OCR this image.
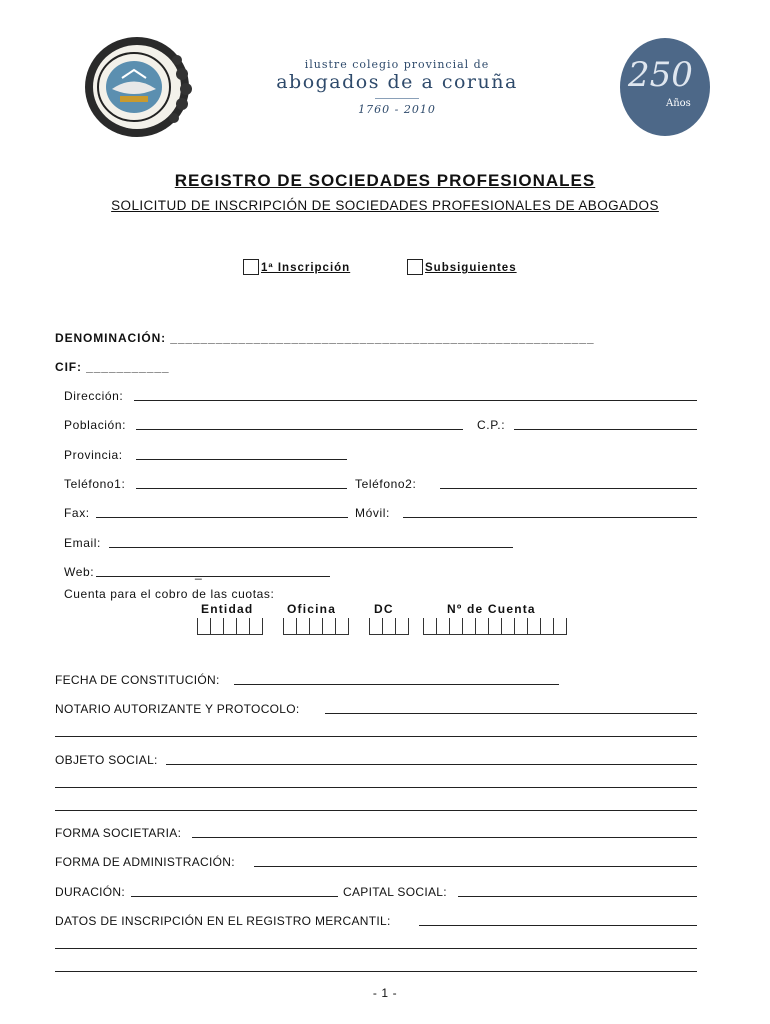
ilustre colegio provincial de
abogados de a coruña
1760 - 2010
250
Años
REGISTRO DE SOCIEDADES PROFESIONALES
SOLICITUD DE INSCRIPCIÓN DE SOCIEDADES PROFESIONALES DE ABOGADOS
1ª Inscripción	Subsiguientes
DENOMINACIÓN: ________________________________________________________
CIF: ___________
Dirección:
Población:	C.P.:
Provincia:
Teléfono1:	Teléfono2:
Fax:	Móvil:
Email:
Web:	_
Cuenta para el cobro de las cuotas:
Entidad	Oficina	DC	Nº de Cuenta
FECHA DE CONSTITUCIÓN:
NOTARIO AUTORIZANTE Y PROTOCOLO:
OBJETO SOCIAL:
FORMA SOCIETARIA:
FORMA DE ADMINISTRACIÓN:
DURACIÓN:	CAPITAL SOCIAL:
DATOS DE INSCRIPCIÓN EN EL REGISTRO MERCANTIL:
- 1 -
